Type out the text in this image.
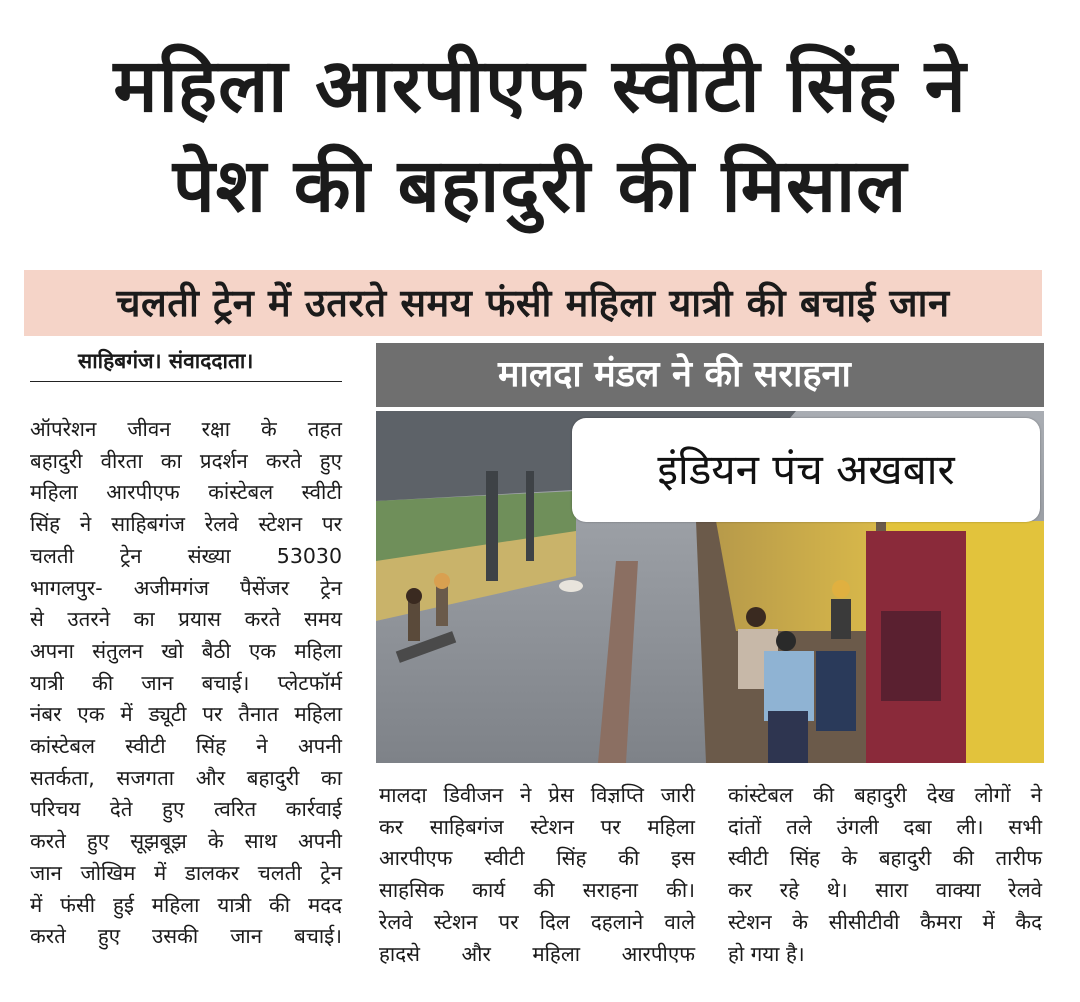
महिला आरपीएफ स्वीटी सिंह ने
पेश की बहादुरी की मिसाल
चलती ट्रेन में उतरते समय फंसी महिला यात्री की बचाई जान
साहिबगंज। संवाददाता।
ऑपरेशन जीवन रक्षा के तहत
बहादुरी वीरता का प्रदर्शन करते हुए
महिला आरपीएफ कांस्टेबल स्वीटी
सिंह ने साहिबगंज रेलवे स्टेशन पर
चलती ट्रेन संख्या 53030
भागलपुर- अजीमगंज पैसेंजर ट्रेन
से उतरने का प्रयास करते समय
अपना संतुलन खो बैठी एक महिला
यात्री की जान बचाई। प्लेटफॉर्म
नंबर एक में ड्यूटी पर तैनात महिला
कांस्टेबल स्वीटी सिंह ने अपनी
सतर्कता, सजगता और बहादुरी का
परिचय देते हुए त्वरित कार्रवाई
करते हुए सूझबूझ के साथ अपनी
जान जोखिम में डालकर चलती ट्रेन
में फंसी हुई महिला यात्री की मदद
करते हुए उसकी जान बचाई।
मालदा मंडल ने की सराहना
इंडियन पंच अखबार
मालदा डिवीजन ने प्रेस विज्ञप्ति जारी
कर साहिबगंज स्टेशन पर महिला
आरपीएफ स्वीटी सिंह की इस
साहसिक कार्य की सराहना की।
रेलवे स्टेशन पर दिल दहलाने वाले
हादसे और महिला आरपीएफ
कांस्टेबल की बहादुरी देख लोगों ने
दांतों तले उंगली दबा ली। सभी
स्वीटी सिंह के बहादुरी की तारीफ
कर रहे थे। सारा वाक्या रेलवे
स्टेशन के सीसीटीवी कैमरा में कैद
हो गया है।
